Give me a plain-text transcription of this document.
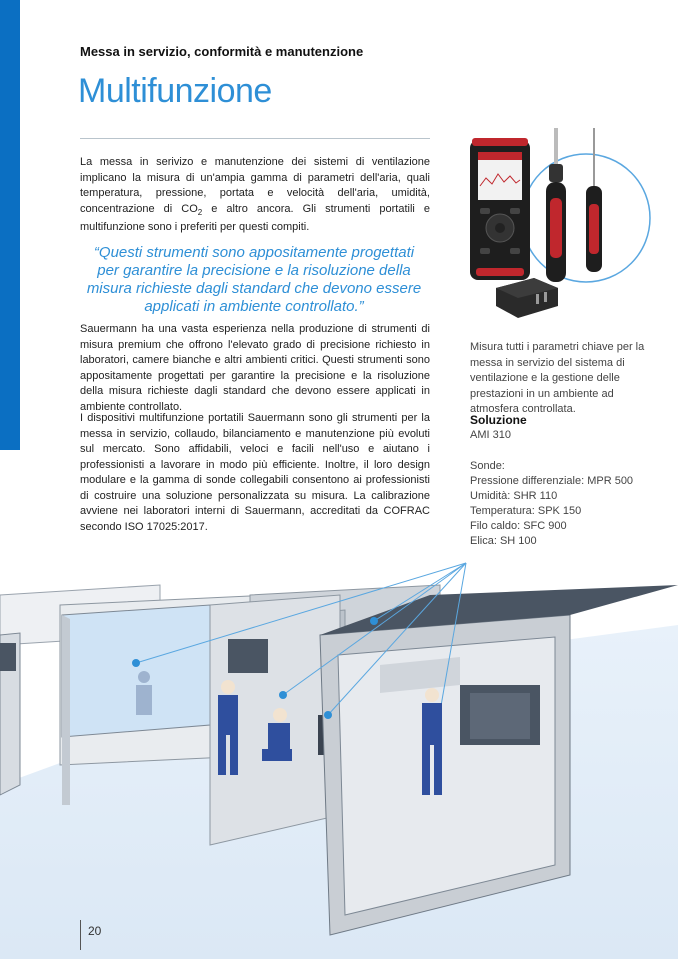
Messa in servizio, conformità e manutenzione
Multifunzione
La messa in serivizo e manutenzione dei sistemi di ventilazione implicano la misura di un'ampia gamma di parametri dell'aria, quali temperatura, pressione, portata e velocità dell'aria, umidità, concentrazione di $CO_2$ e altro ancora. Gli strumenti portatili e multifunzione sono i preferiti per questi compiti.
“Questi strumenti sono appositamente progettati per garantire la precisione e la risoluzione della misura richieste dagli standard che devono essere applicati in ambiente controllato.”
Sauermann ha una vasta esperienza nella produzione di strumenti di misura premium che offrono l'elevato grado di precisione richiesto in laboratori, camere bianche e altri ambienti critici. Questi strumenti sono appositamente progettati per garantire la precisione e la risoluzione della misura richieste dagli standard che devono essere applicati in ambiente controllato.
I dispositivi multifunzione portatili Sauermann sono gli strumenti per la messa in servizio, collaudo, bilanciamento e manutenzione più evoluti sul mercato. Sono affidabili, veloci e facili nell'uso e aiutano i professionisti a lavorare in modo più efficiente. Inoltre, il loro design modulare e la gamma di sonde collegabili consentono ai professionisti di costruire una soluzione personalizzata su misura. La calibrazione avviene nei laboratori interni di Sauermann, accreditati da COFRAC secondo ISO 17025:2017.
Misura tutti i parametri chiave per la messa in servizio del sistema di ventilazione e la gestione delle prestazioni in un ambiente ad atmosfera controllata.
Soluzione
AMI 310
Sonde:
Pressione differenziale: MPR 500
Umidità: SHR 110
Temperatura: SPK 150
Filo caldo: SFC 900
Elica: SH 100
20
